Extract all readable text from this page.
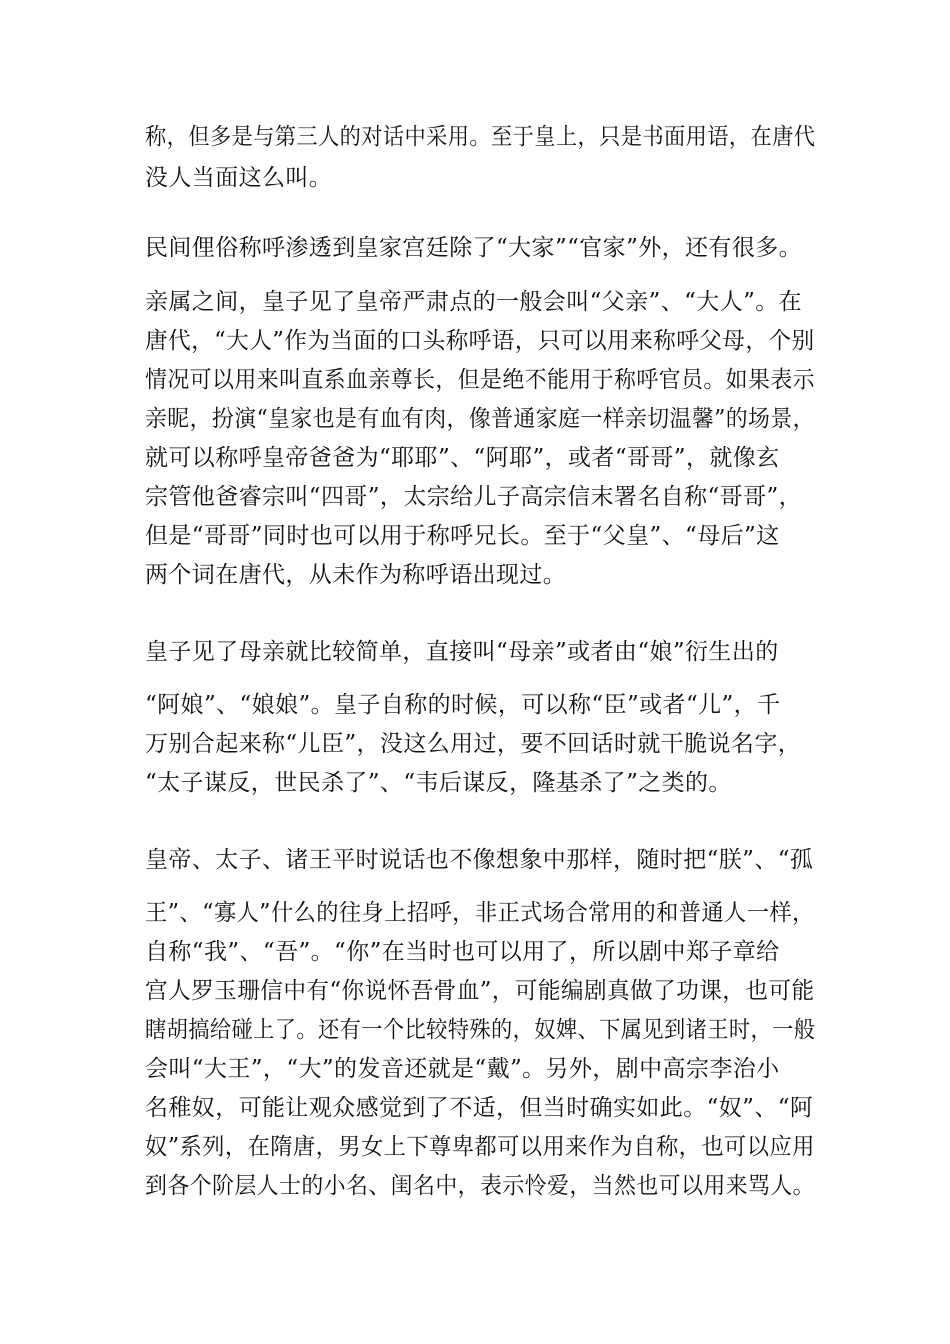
称，但多是与第三人的对话中采用。至于皇上，只是书面用语，在唐代
没人当面这么叫。
民间俚俗称呼渗透到皇家宫廷除了“大家”“官家”外，还有很多。
亲属之间，皇子见了皇帝严肃点的一般会叫“父亲”、“大人”。在
唐代，“大人”作为当面的口头称呼语，只可以用来称呼父母，个别
情况可以用来叫直系血亲尊长，但是绝不能用于称呼官员。如果表示
亲昵，扮演“皇家也是有血有肉，像普通家庭一样亲切温馨”的场景，
就可以称呼皇帝爸爸为“耶耶”、“阿耶”，或者“哥哥”，就像玄
宗管他爸睿宗叫“四哥”，太宗给儿子高宗信末署名自称“哥哥”，
但是“哥哥”同时也可以用于称呼兄长。至于“父皇”、“母后”这
两个词在唐代，从未作为称呼语出现过。
皇子见了母亲就比较简单，直接叫“母亲”或者由“娘”衍生出的
“阿娘”、“娘娘”。皇子自称的时候，可以称“臣”或者“儿”，千
万别合起来称“儿臣”，没这么用过，要不回话时就干脆说名字，
“太子谋反，世民杀了”、“韦后谋反，隆基杀了”之类的。
皇帝、太子、诸王平时说话也不像想象中那样，随时把“朕”、“孤
王”、“寡人”什么的往身上招呼，非正式场合常用的和普通人一样，
自称“我”、“吾”。“你”在当时也可以用了，所以剧中郑子章给
宫人罗玉珊信中有“你说怀吾骨血”，可能编剧真做了功课，也可能
瞎胡搞给碰上了。还有一个比较特殊的，奴婢、下属见到诸王时，一般
会叫“大王”，“大”的发音还就是“戴”。另外，剧中高宗李治小
名稚奴，可能让观众感觉到了不适，但当时确实如此。“奴”、“阿
奴”系列，在隋唐，男女上下尊卑都可以用来作为自称，也可以应用
到各个阶层人士的小名、闺名中，表示怜爱，当然也可以用来骂人。
